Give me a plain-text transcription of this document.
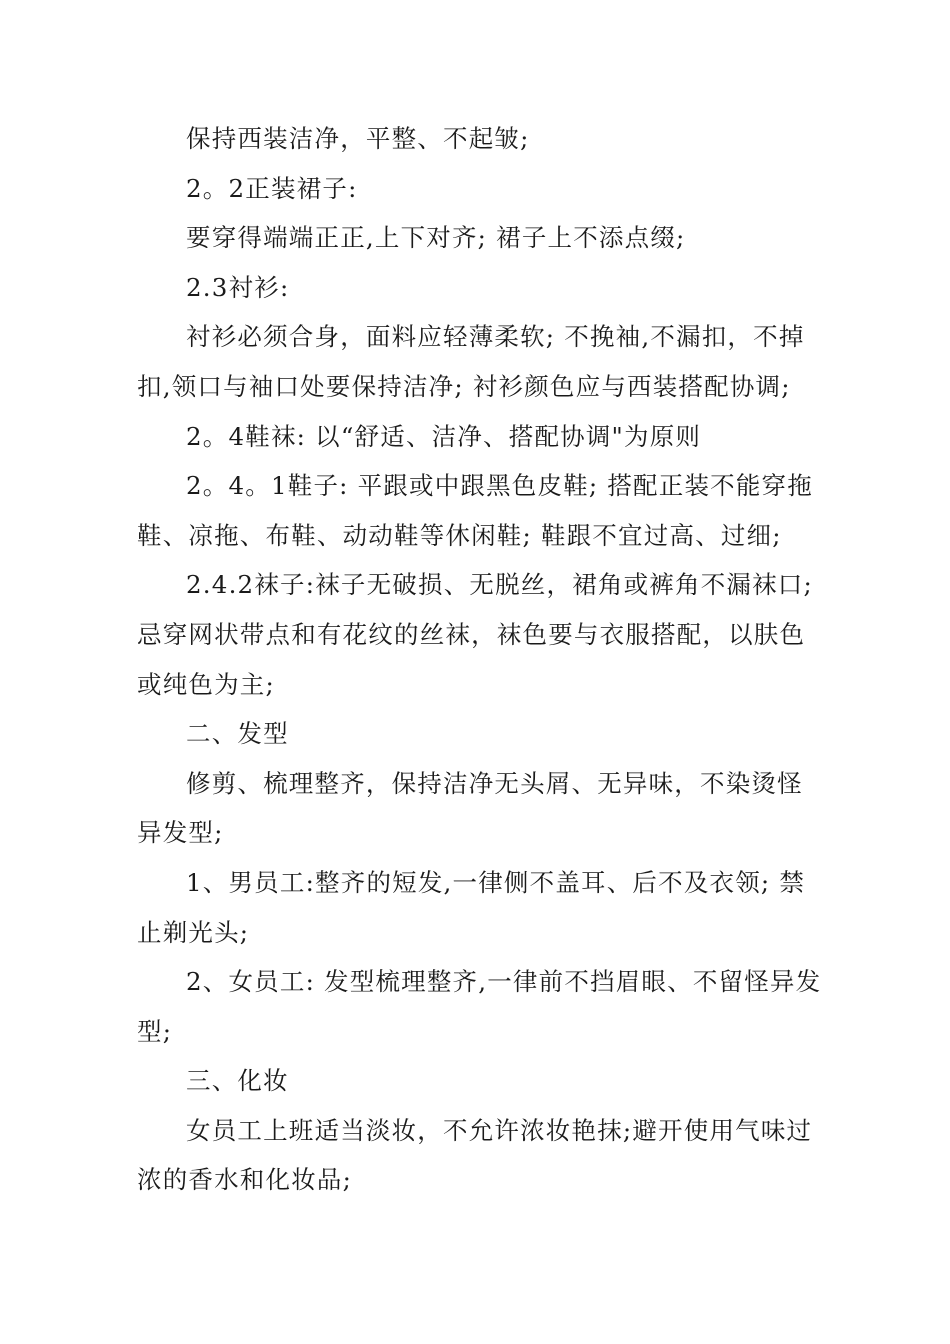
保持西装洁净，平整、不起皱;

2。2正装裙子:

要穿得端端正正,上下对齐; 裙子上不添点缀;

2.3衬衫:

衬衫必须合身，面料应轻薄柔软; 不挽袖,不漏扣，不掉扣,领口与袖口处要保持洁净; 衬衫颜色应与西装搭配协调;

2。4鞋袜: 以“舒适、洁净、搭配协调"为原则

2。4。1鞋子: 平跟或中跟黑色皮鞋; 搭配正装不能穿拖鞋、凉拖、布鞋、动动鞋等休闲鞋; 鞋跟不宜过高、过细;

2.4.2袜子:袜子无破损、无脱丝，裙角或裤角不漏袜口;忌穿网状带点和有花纹的丝袜，袜色要与衣服搭配，以肤色或纯色为主;

二、发型

修剪、梳理整齐，保持洁净无头屑、无异味，不染烫怪异发型;

1、男员工:整齐的短发,一律侧不盖耳、后不及衣领; 禁止剃光头;

2、女员工: 发型梳理整齐,一律前不挡眉眼、不留怪异发型;

三、化妆

女员工上班适当淡妆，不允许浓妆艳抹;避开使用气味过浓的香水和化妆品;
